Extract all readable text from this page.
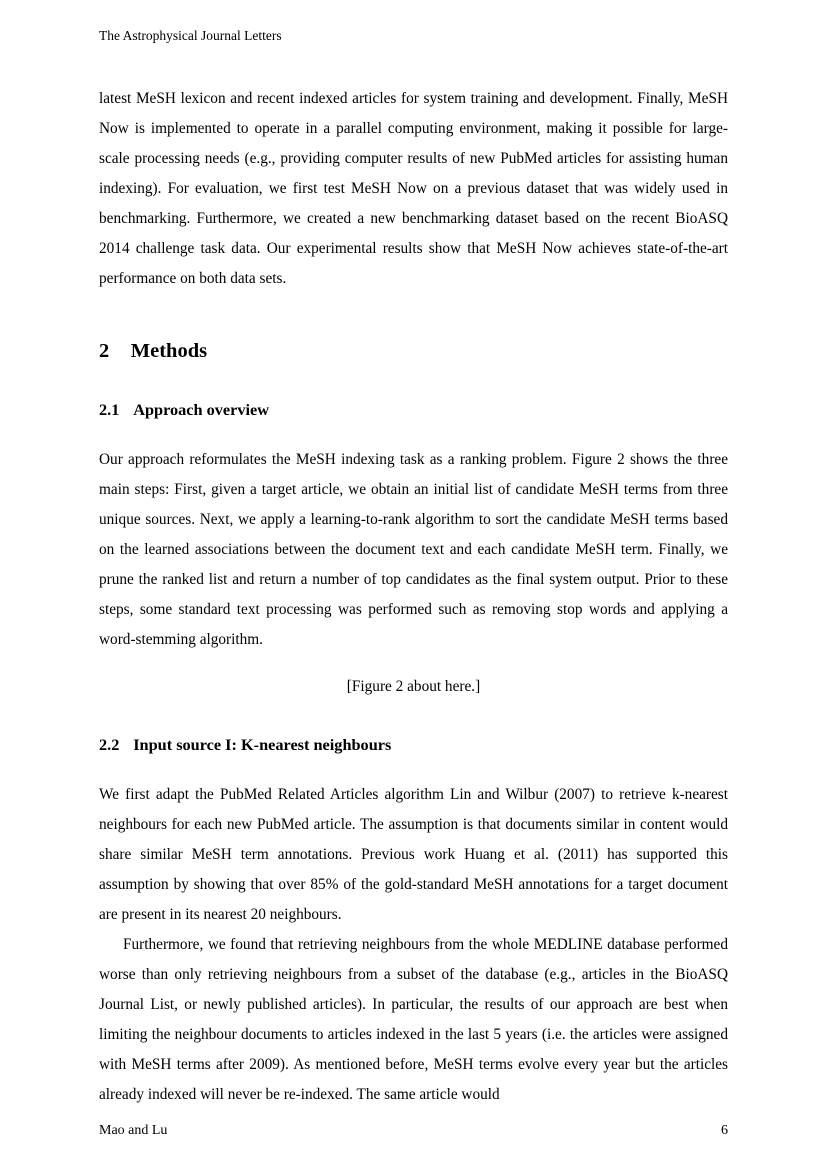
The Astrophysical Journal Letters

latest MeSH lexicon and recent indexed articles for system training and development. Finally, MeSH Now is implemented to operate in a parallel computing environment, making it possible for large-scale processing needs (e.g., providing computer results of new PubMed articles for assisting human indexing). For evaluation, we first test MeSH Now on a previous dataset that was widely used in benchmarking. Furthermore, we created a new benchmarking dataset based on the recent BioASQ 2014 challenge task data. Our experimental results show that MeSH Now achieves state-of-the-art performance on both data sets.

2 Methods
2.1 Approach overview

Our approach reformulates the MeSH indexing task as a ranking problem. Figure 2 shows the three main steps: First, given a target article, we obtain an initial list of candidate MeSH terms from three unique sources. Next, we apply a learning-to-rank algorithm to sort the candidate MeSH terms based on the learned associations between the document text and each candidate MeSH term. Finally, we prune the ranked list and return a number of top candidates as the final system output. Prior to these steps, some standard text processing was performed such as removing stop words and applying a word-stemming algorithm.

[Figure 2 about here.]
2.2 Input source I: K-nearest neighbours

We first adapt the PubMed Related Articles algorithm Lin and Wilbur (2007) to retrieve k-nearest neighbours for each new PubMed article. The assumption is that documents similar in content would share similar MeSH term annotations. Previous work Huang et al. (2011) has supported this assumption by showing that over 85% of the gold-standard MeSH annotations for a target document are present in its nearest 20 neighbours.

Furthermore, we found that retrieving neighbours from the whole MEDLINE database performed worse than only retrieving neighbours from a subset of the database (e.g., articles in the BioASQ Journal List, or newly published articles). In particular, the results of our approach are best when limiting the neighbour documents to articles indexed in the last 5 years (i.e. the articles were assigned with MeSH terms after 2009). As mentioned before, MeSH terms evolve every year but the articles already indexed will never be re-indexed. The same article would

Mao and Lu	6
